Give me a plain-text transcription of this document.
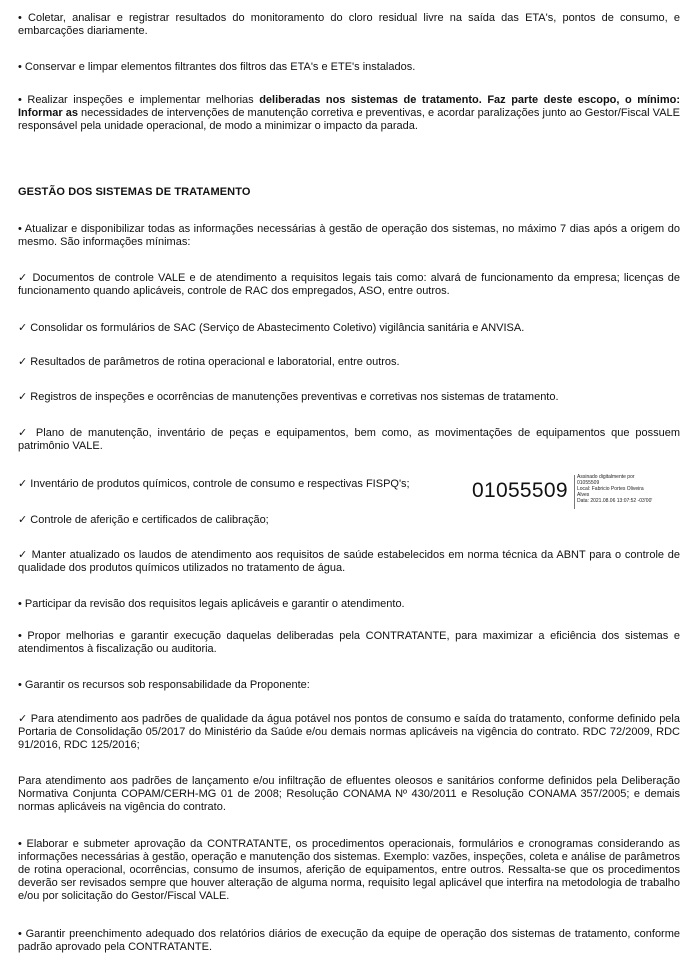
• Coletar, analisar e registrar resultados do monitoramento do cloro residual livre na saída das ETA's, pontos de consumo, e embarcações diariamente.
• Conservar e limpar elementos filtrantes dos filtros das ETA's e ETE's instalados.
• Realizar inspeções e implementar melhorias deliberadas nos sistemas de tratamento. Faz parte deste escopo, o mínimo: Informar as necessidades de intervenções de manutenção corretiva e preventivas, e acordar paralizações junto ao Gestor/Fiscal VALE responsável pela unidade operacional, de modo a minimizar o impacto da parada.
GESTÃO DOS SISTEMAS DE TRATAMENTO
• Atualizar e disponibilizar todas as informações necessárias à gestão de operação dos sistemas, no máximo 7 dias após a origem do mesmo. São informações mínimas:
✓ Documentos de controle VALE e de atendimento a requisitos legais tais como: alvará de funcionamento da empresa; licenças de funcionamento quando aplicáveis, controle de RAC dos empregados, ASO, entre outros.
✓ Consolidar os formulários de SAC (Serviço de Abastecimento Coletivo) vigilância sanitária e ANVISA.
✓ Resultados de parâmetros de rotina operacional e laboratorial, entre outros.
✓ Registros de inspeções e ocorrências de manutenções preventivas e corretivas nos sistemas de tratamento.
✓ Plano de manutenção, inventário de peças e equipamentos, bem como, as movimentações de equipamentos que possuem patrimônio VALE.
✓ Inventário de produtos químicos, controle de consumo e respectivas FISPQ's;
✓ Controle de aferição e certificados de calibração;
✓ Manter atualizado os laudos de atendimento aos requisitos de saúde estabelecidos em norma técnica da ABNT para o controle de qualidade dos produtos químicos utilizados no tratamento de água.
• Participar da revisão dos requisitos legais aplicáveis e garantir o atendimento.
• Propor melhorias e garantir execução daquelas deliberadas pela CONTRATANTE, para maximizar a eficiência dos sistemas e atendimentos à fiscalização ou auditoria.
• Garantir os recursos sob responsabilidade da Proponente:
✓ Para atendimento aos padrões de qualidade da água potável nos pontos de consumo e saída do tratamento, conforme definido pela Portaria de Consolidação 05/2017 do Ministério da Saúde e/ou demais normas aplicáveis na vigência do contrato. RDC 72/2009, RDC 91/2016, RDC 125/2016;
Para atendimento aos padrões de lançamento e/ou infiltração de efluentes oleosos e sanitários conforme definidos pela Deliberação Normativa Conjunta COPAM/CERH-MG 01 de 2008; Resolução CONAMA Nº 430/2011 e Resolução CONAMA 357/2005; e demais normas aplicáveis na vigência do contrato.
• Elaborar e submeter aprovação da CONTRATANTE, os procedimentos operacionais, formulários e cronogramas considerando as informações necessárias à gestão, operação e manutenção dos sistemas. Exemplo: vazões, inspeções, coleta e análise de parâmetros de rotina operacional, ocorrências, consumo de insumos, aferição de equipamentos, entre outros. Ressalta-se que os procedimentos deverão ser revisados sempre que houver alteração de alguma norma, requisito legal aplicável que interfira na metodologia de trabalho e/ou por solicitação do Gestor/Fiscal VALE.
• Garantir preenchimento adequado dos relatórios diários de execução da equipe de operação dos sistemas de tratamento, conforme padrão aprovado pela CONTRATANTE.
01055509
Assinado digitalmente por
01055509
Local: Fabricio Portes Oliveira
Alves
Data: 2021.08.06 13:07:52 -03'00'
